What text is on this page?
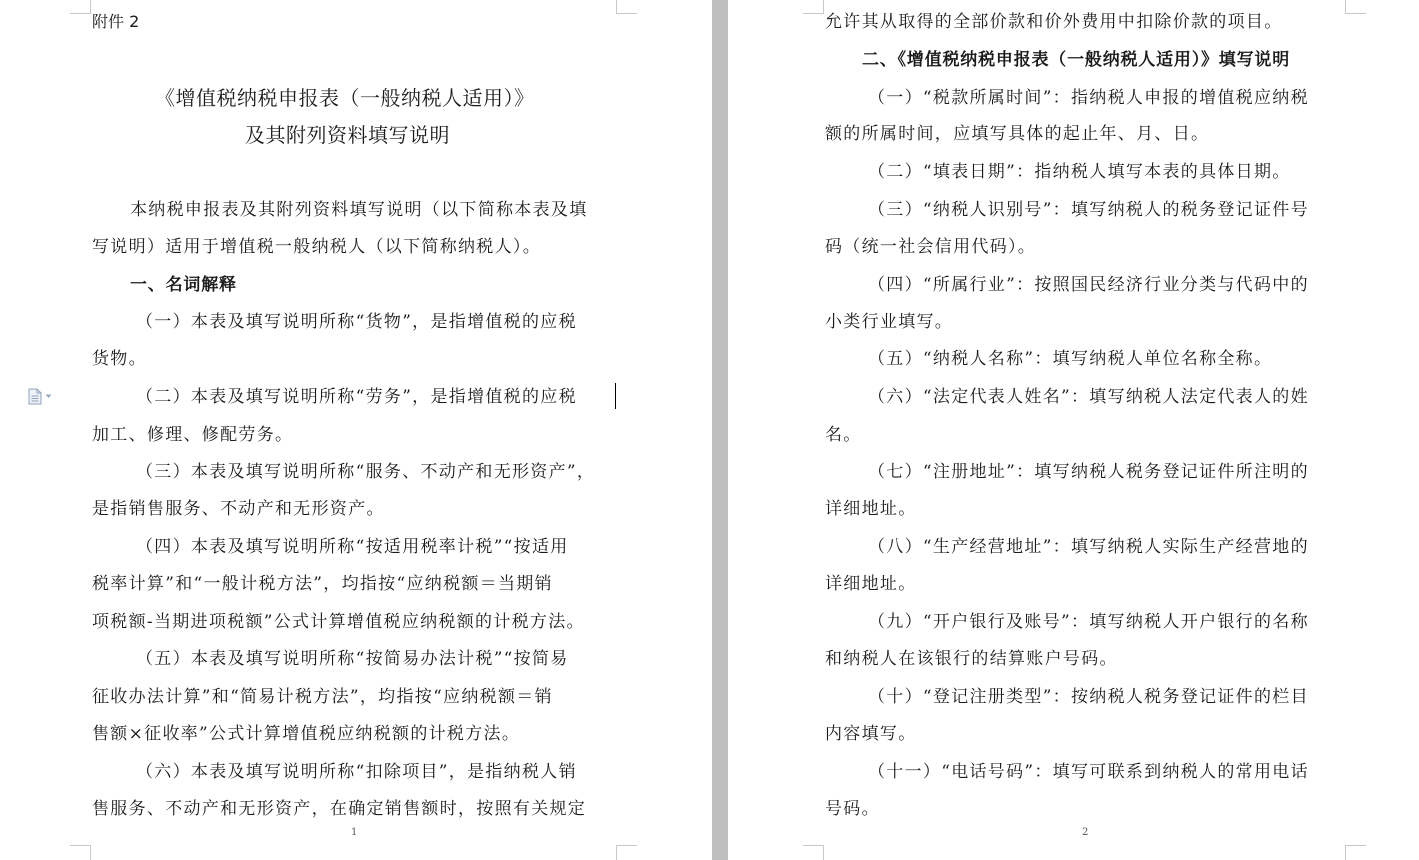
附件 2
《增值税纳税申报表（一般纳税人适用）》
及其附列资料填写说明
本纳税申报表及其附列资料填写说明（以下简称本表及填
写说明）适用于增值税一般纳税人（以下简称纳税人）。
一、名词解释
（一）本表及填写说明所称“货物”，是指增值税的应税
货物。
（二）本表及填写说明所称“劳务”，是指增值税的应税
加工、修理、修配劳务。
（三）本表及填写说明所称“服务、不动产和无形资产”，
是指销售服务、不动产和无形资产。
（四）本表及填写说明所称“按适用税率计税”“按适用
税率计算”和“一般计税方法”，均指按“应纳税额＝当期销
项税额-当期进项税额”公式计算增值税应纳税额的计税方法。
（五）本表及填写说明所称“按简易办法计税”“按简易
征收办法计算”和“简易计税方法”，均指按“应纳税额＝销
售额×征收率”公式计算增值税应纳税额的计税方法。
（六）本表及填写说明所称“扣除项目”，是指纳税人销
售服务、不动产和无形资产，在确定销售额时，按照有关规定
1
允许其从取得的全部价款和价外费用中扣除价款的项目。
二、《增值税纳税申报表（一般纳税人适用）》填写说明
（一）“税款所属时间”：指纳税人申报的增值税应纳税
额的所属时间，应填写具体的起止年、月、日。
（二）“填表日期”：指纳税人填写本表的具体日期。
（三）“纳税人识别号”：填写纳税人的税务登记证件号
码（统一社会信用代码）。
（四）“所属行业”：按照国民经济行业分类与代码中的
小类行业填写。
（五）“纳税人名称”：填写纳税人单位名称全称。
（六）“法定代表人姓名”：填写纳税人法定代表人的姓
名。
（七）“注册地址”：填写纳税人税务登记证件所注明的
详细地址。
（八）“生产经营地址”：填写纳税人实际生产经营地的
详细地址。
（九）“开户银行及账号”：填写纳税人开户银行的名称
和纳税人在该银行的结算账户号码。
（十）“登记注册类型”：按纳税人税务登记证件的栏目
内容填写。
（十一）“电话号码”：填写可联系到纳税人的常用电话
号码。
2
